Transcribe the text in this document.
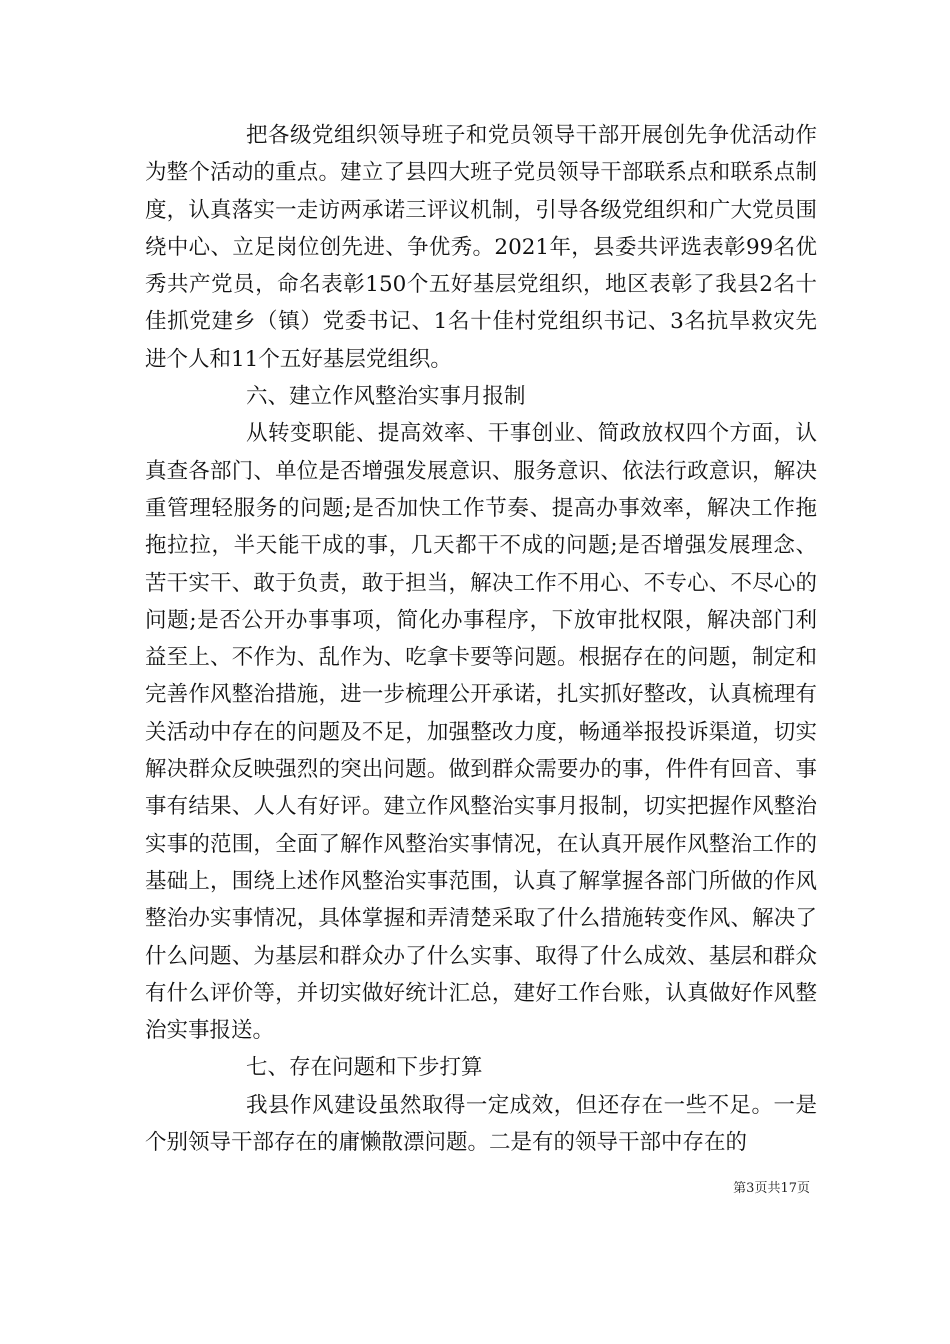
把各级党组织领导班子和党员领导干部开展创先争优活动作为整个活动的重点。建立了县四大班子党员领导干部联系点和联系点制度，认真落实一走访两承诺三评议机制，引导各级党组织和广大党员围绕中心、立足岗位创先进、争优秀。2021年，县委共评选表彰99名优秀共产党员，命名表彰150个五好基层党组织，地区表彰了我县2名十佳抓党建乡（镇）党委书记、1名十佳村党组织书记、3名抗旱救灾先进个人和11个五好基层党组织。

六、建立作风整治实事月报制

从转变职能、提高效率、干事创业、简政放权四个方面，认真查各部门、单位是否增强发展意识、服务意识、依法行政意识，解决重管理轻服务的问题;是否加快工作节奏、提高办事效率，解决工作拖拖拉拉，半天能干成的事，几天都干不成的问题;是否增强发展理念、苦干实干、敢于负责，敢于担当，解决工作不用心、不专心、不尽心的问题;是否公开办事事项，简化办事程序，下放审批权限，解决部门利益至上、不作为、乱作为、吃拿卡要等问题。根据存在的问题，制定和完善作风整治措施，进一步梳理公开承诺，扎实抓好整改，认真梳理有关活动中存在的问题及不足，加强整改力度，畅通举报投诉渠道，切实解决群众反映强烈的突出问题。做到群众需要办的事，件件有回音、事事有结果、人人有好评。建立作风整治实事月报制，切实把握作风整治实事的范围，全面了解作风整治实事情况，在认真开展作风整治工作的基础上，围绕上述作风整治实事范围，认真了解掌握各部门所做的作风整治办实事情况，具体掌握和弄清楚采取了什么措施转变作风、解决了什么问题、为基层和群众办了什么实事、取得了什么成效、基层和群众有什么评价等，并切实做好统计汇总，建好工作台账，认真做好作风整治实事报送。

七、存在问题和下步打算

我县作风建设虽然取得一定成效，但还存在一些不足。一是个别领导干部存在的庸懒散漂问题。二是有的领导干部中存在的

第3页共17页
